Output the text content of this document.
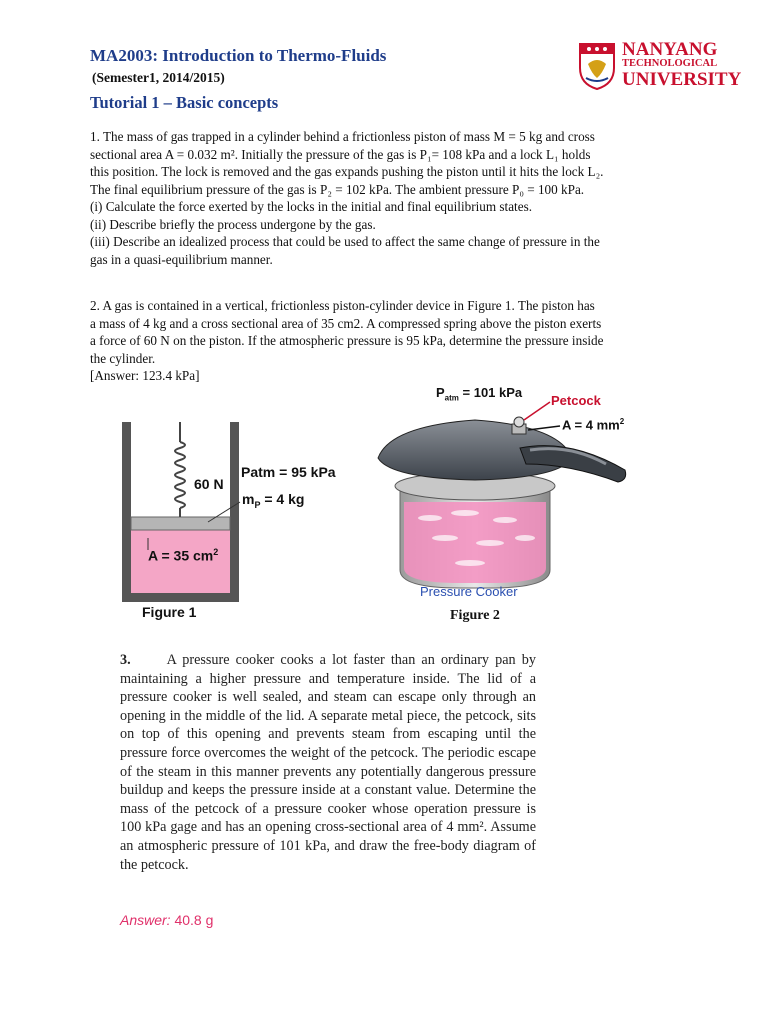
MA2003: Introduction to Thermo-Fluids
(Semester1, 2014/2015)
Tutorial 1 – Basic concepts
NANYANG
TECHNOLOGICAL
UNIVERSITY

1. The mass of gas trapped in a cylinder behind a frictionless piston of mass M = 5 kg and cross

sectional area A = 0.032 m². Initially the pressure of the gas is P₁= 108 kPa and a lock L₁ holds

this position. The lock is removed and the gas expands pushing the piston until it hits the lock L₂.

The final equilibrium pressure of the gas is P₂ = 102 kPa. The ambient pressure P₀ = 100 kPa.

(i) Calculate the force exerted by the locks in the initial and final equilibrium states.

(ii) Describe briefly the process undergone by the gas.

(iii) Describe an idealized process that could be used to affect the same change of pressure in the

gas in a quasi-equilibrium manner.

2. A gas is contained in a vertical, frictionless piston-cylinder device in Figure 1. The piston has

a mass of 4 kg and a cross sectional area of 35 cm2. A compressed spring above the piston exerts

a force of 60 N on the piston. If the atmospheric pressure is 95 kPa, determine the pressure inside

the cylinder.

[Answer: 123.4 kPa]

60 N
Patm = 95 kPa
$m_P = 4$ kg
A = 35 $cm^2$
Figure 1
$P_{atm} = 101$ kPa
Petcock
A = 4 $mm^2$
Pressure Cooker
Figure 2
3.	A pressure cooker cooks a lot faster than an ordinary pan by maintaining a higher pressure and temperature inside. The lid of a pressure cooker is well sealed, and steam can escape only through an opening in the middle of the lid. A separate metal piece, the petcock, sits on top of this opening and prevents steam from escaping until the pressure force overcomes the weight of the petcock. The periodic escape of the steam in this manner prevents any potentially dangerous pressure buildup and keeps the pressure inside at a constant value. Determine the mass of the petcock of a pressure cooker whose operation pressure is 100 kPa gage and has an opening cross-sectional area of 4 mm². Assume an atmospheric pressure of 101 kPa, and draw the free-body diagram of the petcock.
Answer: 40.8 g
